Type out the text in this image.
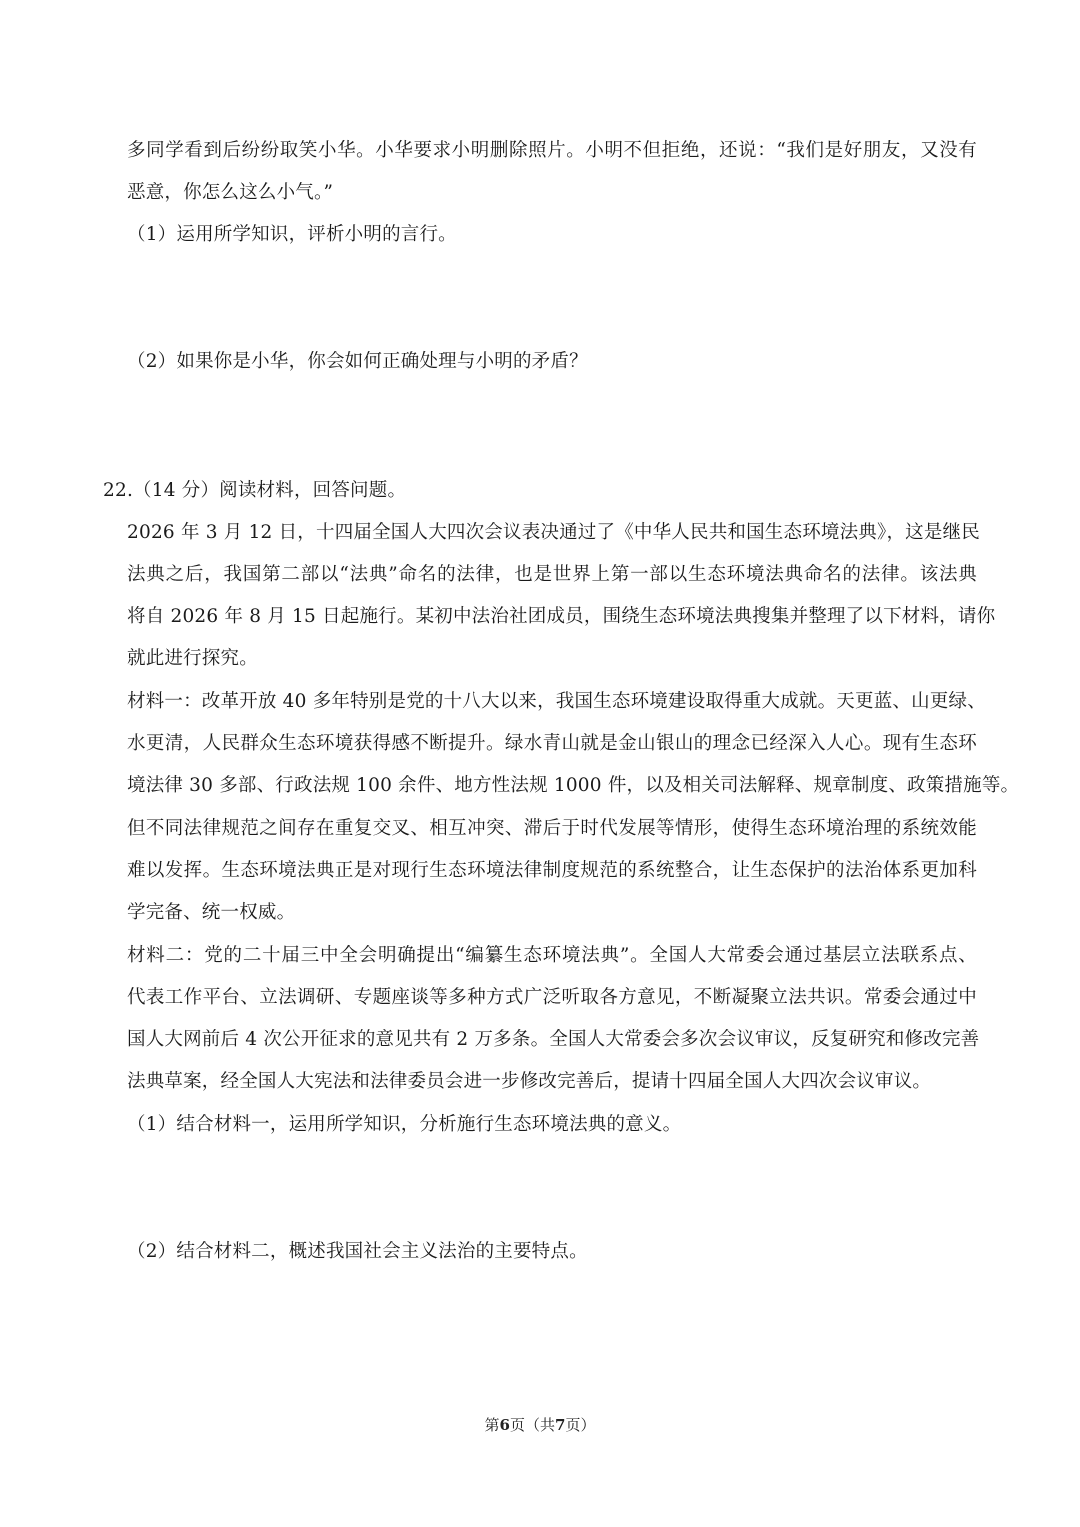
多同学看到后纷纷取笑小华。小华要求小明删除照片。小明不但拒绝，还说：“我们是好朋友，又没有
恶意，你怎么这么小气。”
（1）运用所学知识，评析小明的言行。
（2）如果你是小华，你会如何正确处理与小明的矛盾？
22.（14 分）阅读材料，回答问题。
2026 年 3 月 12 日，十四届全国人大四次会议表决通过了《中华人民共和国生态环境法典》，这是继民
法典之后，我国第二部以“法典”命名的法律，也是世界上第一部以生态环境法典命名的法律。该法典
将自 2026 年 8 月 15 日起施行。某初中法治社团成员，围绕生态环境法典搜集并整理了以下材料，请你
就此进行探究。
材料一：改革开放 40 多年特别是党的十八大以来，我国生态环境建设取得重大成就。天更蓝、山更绿、
水更清，人民群众生态环境获得感不断提升。绿水青山就是金山银山的理念已经深入人心。现有生态环
境法律 30 多部、行政法规 100 余件、地方性法规 1000 件，以及相关司法解释、规章制度、政策措施等。
但不同法律规范之间存在重复交叉、相互冲突、滞后于时代发展等情形，使得生态环境治理的系统效能
难以发挥。生态环境法典正是对现行生态环境法律制度规范的系统整合，让生态保护的法治体系更加科
学完备、统一权威。
材料二：党的二十届三中全会明确提出“编纂生态环境法典”。全国人大常委会通过基层立法联系点、
代表工作平台、立法调研、专题座谈等多种方式广泛听取各方意见，不断凝聚立法共识。常委会通过中
国人大网前后 4 次公开征求的意见共有 2 万多条。全国人大常委会多次会议审议，反复研究和修改完善
法典草案，经全国人大宪法和法律委员会进一步修改完善后，提请十四届全国人大四次会议审议。
（1）结合材料一，运用所学知识，分析施行生态环境法典的意义。
（2）结合材料二，概述我国社会主义法治的主要特点。
第6页（共7页）
